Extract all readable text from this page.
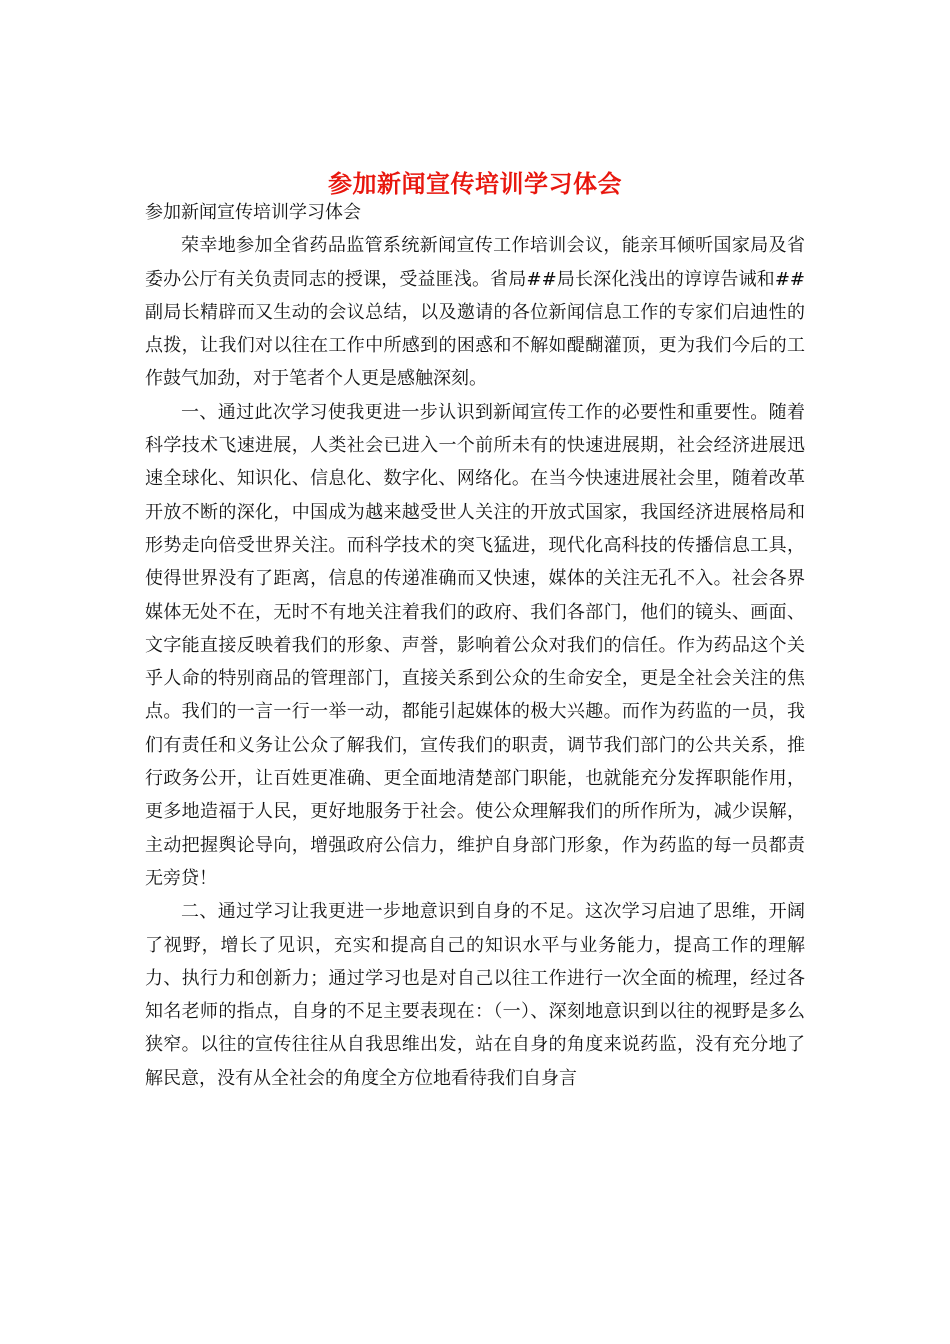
参加新闻宣传培训学习体会

参加新闻宣传培训学习体会

荣幸地参加全省药品监管系统新闻宣传工作培训会议，能亲耳倾听国家局及省委办公厅有关负责同志的授课，受益匪浅。省局##局长深化浅出的谆谆告诫和##副局长精辟而又生动的会议总结，以及邀请的各位新闻信息工作的专家们启迪性的点拨，让我们对以往在工作中所感到的困惑和不解如醍醐灌顶，更为我们今后的工作鼓气加劲，对于笔者个人更是感触深刻。

一、通过此次学习使我更进一步认识到新闻宣传工作的必要性和重要性。随着科学技术飞速进展，人类社会已进入一个前所未有的快速进展期，社会经济进展迅速全球化、知识化、信息化、数字化、网络化。在当今快速进展社会里，随着改革开放不断的深化，中国成为越来越受世人关注的开放式国家，我国经济进展格局和形势走向倍受世界关注。而科学技术的突飞猛进，现代化高科技的传播信息工具，使得世界没有了距离，信息的传递准确而又快速，媒体的关注无孔不入。社会各界媒体无处不在，无时不有地关注着我们的政府、我们各部门，他们的镜头、画面、文字能直接反映着我们的形象、声誉，影响着公众对我们的信任。作为药品这个关乎人命的特别商品的管理部门，直接关系到公众的生命安全，更是全社会关注的焦点。我们的一言一行一举一动，都能引起媒体的极大兴趣。而作为药监的一员，我们有责任和义务让公众了解我们，宣传我们的职责，调节我们部门的公共关系，推行政务公开，让百姓更准确、更全面地清楚部门职能，也就能充分发挥职能作用，更多地造福于人民，更好地服务于社会。使公众理解我们的所作所为，减少误解，主动把握舆论导向，增强政府公信力，维护自身部门形象，作为药监的每一员都责无旁贷！

二、通过学习让我更进一步地意识到自身的不足。这次学习启迪了思维，开阔了视野，增长了见识，充实和提高自己的知识水平与业务能力，提高工作的理解力、执行力和创新力；通过学习也是对自己以往工作进行一次全面的梳理，经过各知名老师的指点，自身的不足主要表现在：（一）、深刻地意识到以往的视野是多么狭窄。以往的宣传往往从自我思维出发，站在自身的角度来说药监，没有充分地了解民意，没有从全社会的角度全方位地看待我们自身言
